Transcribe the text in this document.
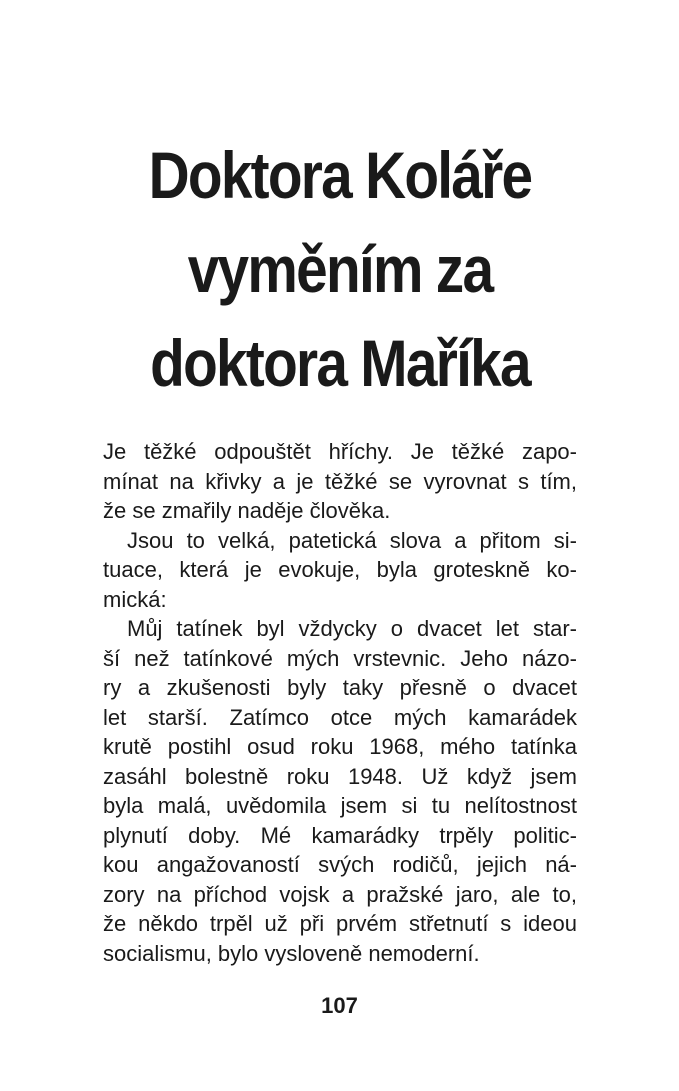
Doktora Koláře
vyměním za
doktora Maříka

Je těžké odpouštět hříchy. Je těžké zapo-
mínat na křivky a je těžké se vyrovnat s tím,
že se zmařily naděje člověka.

Jsou to velká, patetická slova a přitom si-
tuace, která je evokuje, byla groteskně ko-
mická:

Můj tatínek byl vždycky o dvacet let star-
ší než tatínkové mých vrstevnic. Jeho názo-
ry a zkušenosti byly taky přesně o dvacet
let starší. Zatímco otce mých kamarádek
krutě postihl osud roku 1968, mého tatínka
zasáhl bolestně roku 1948. Už když jsem
byla malá, uvědomila jsem si tu nelítostnost
plynutí doby. Mé kamarádky trpěly politic-
kou angažovaností svých rodičů, jejich ná-
zory na příchod vojsk a pražské jaro, ale to,
že někdo trpěl už při prvém střetnutí s ideou
socialismu, bylo vysloveně nemoderní.

107
